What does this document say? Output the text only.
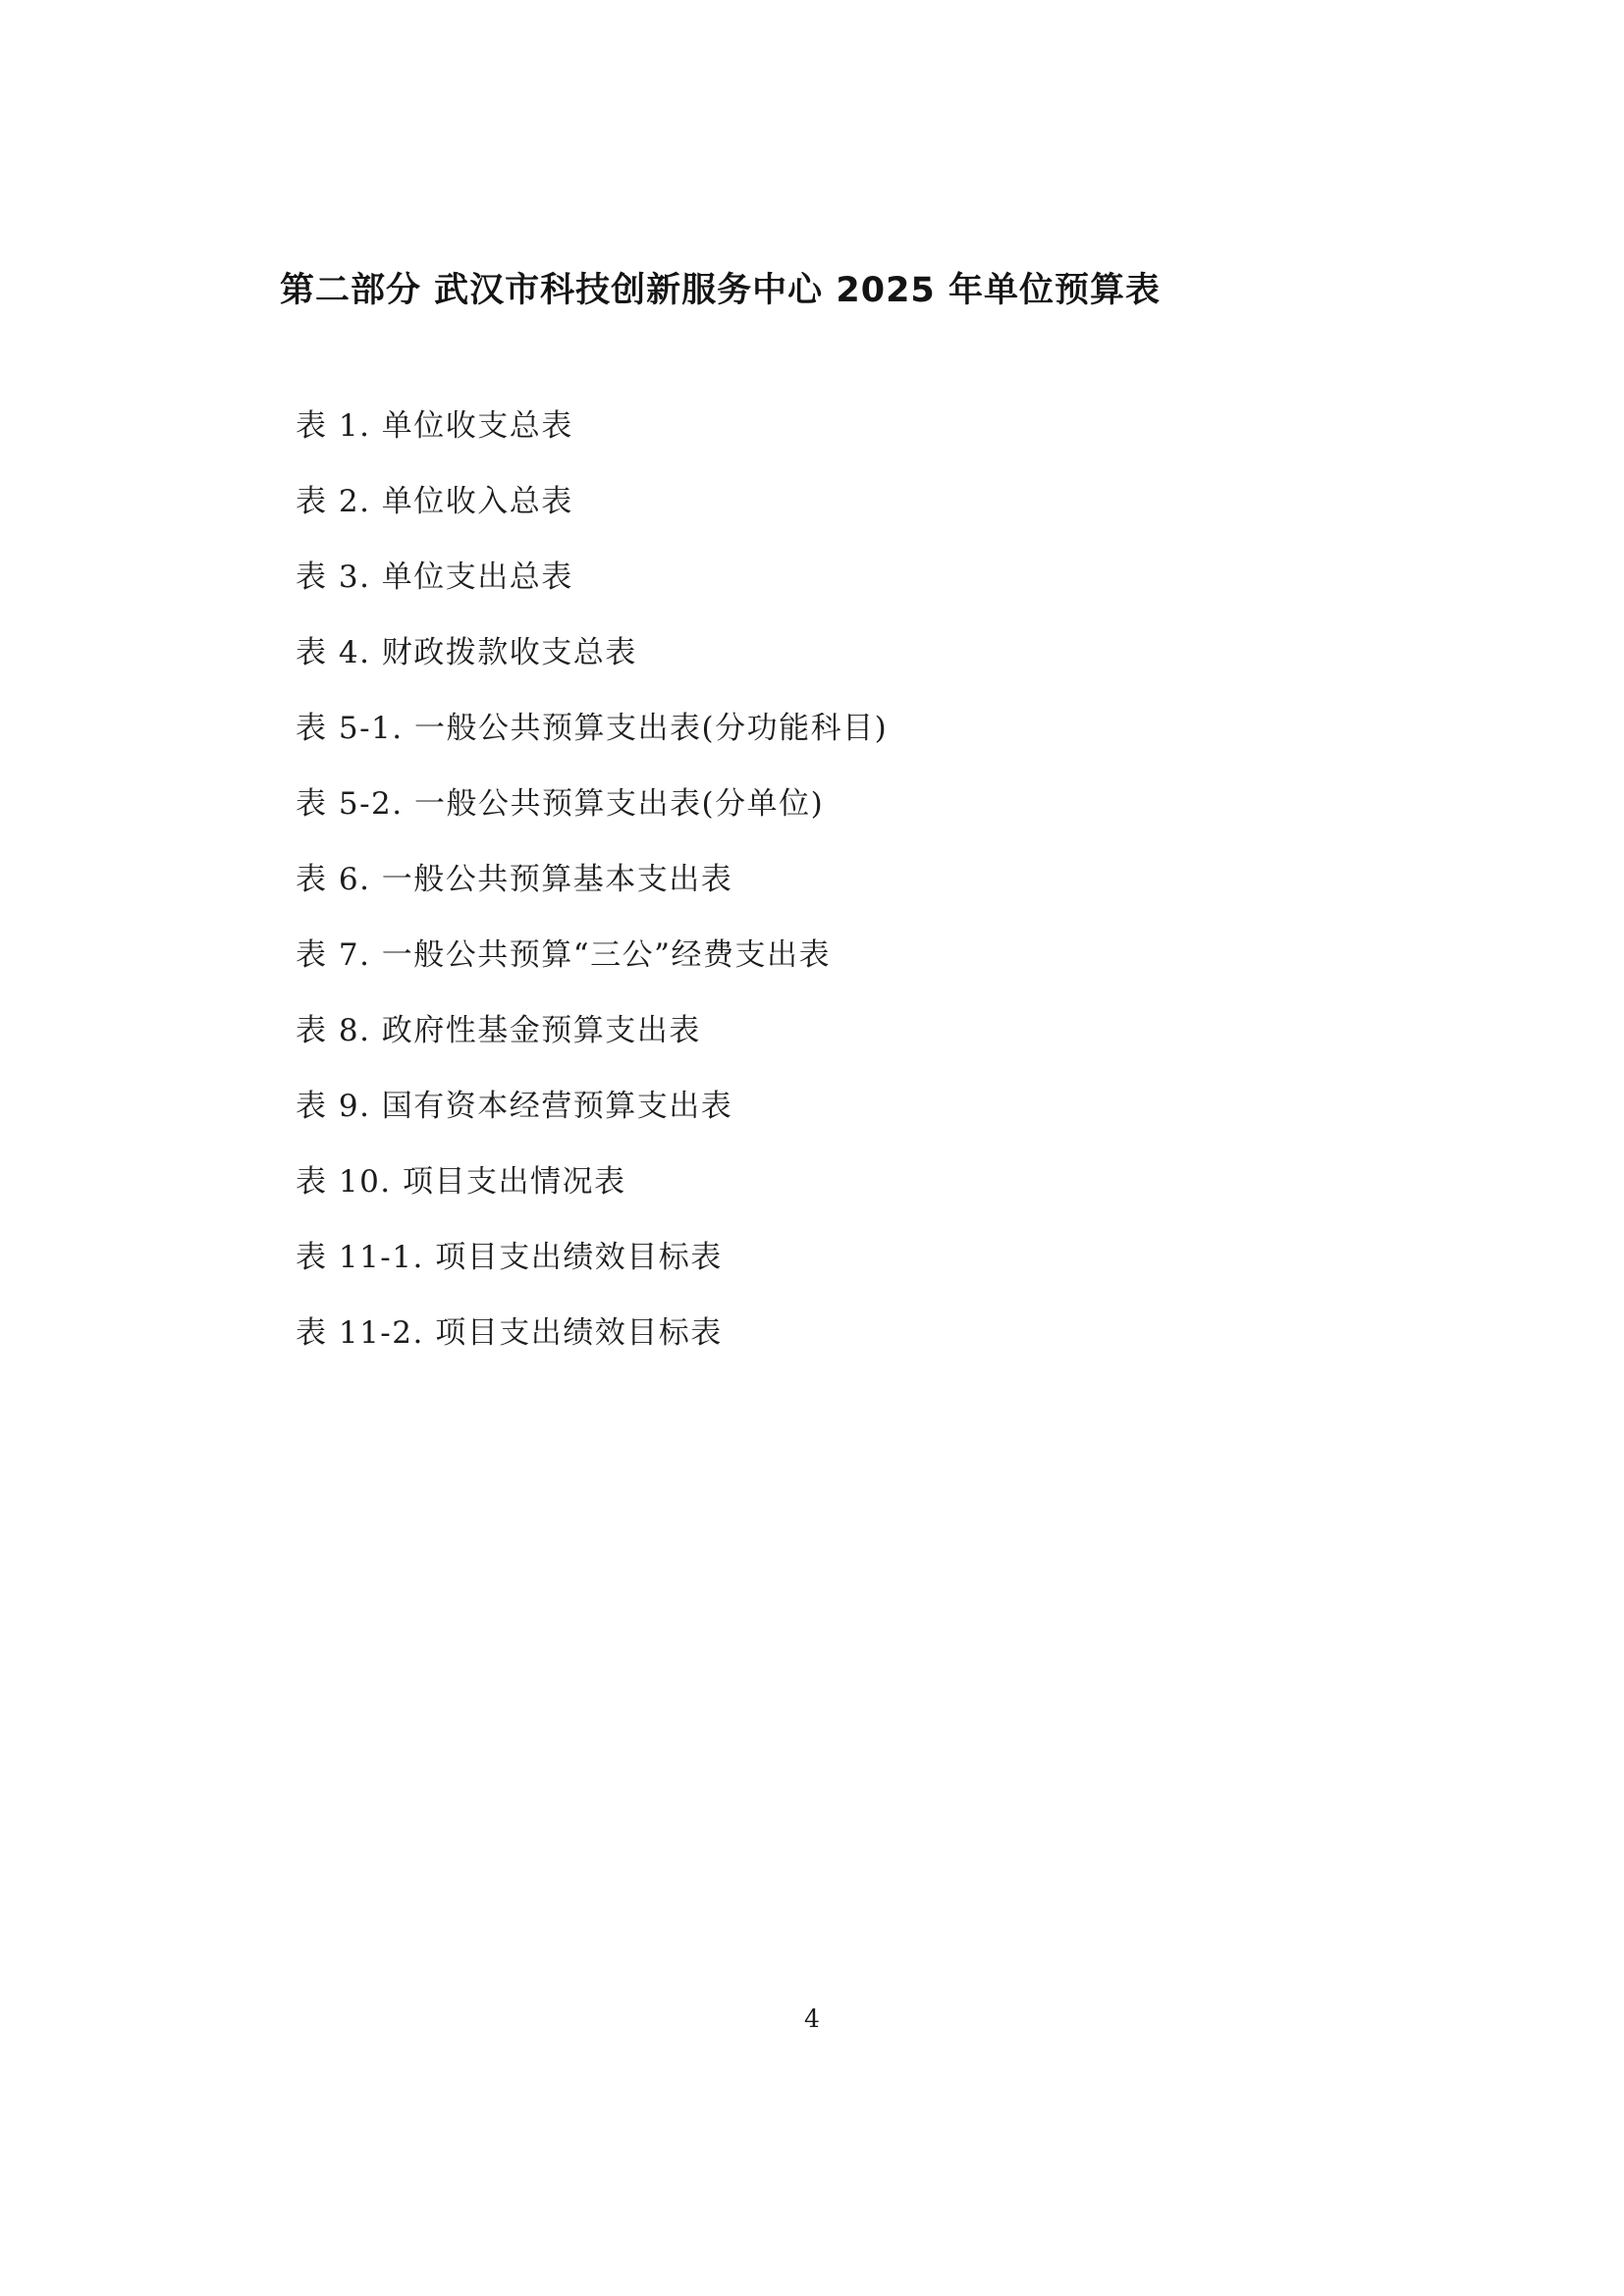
第二部分 武汉市科技创新服务中心 2025 年单位预算表
表 1. 单位收支总表
表 2. 单位收入总表
表 3. 单位支出总表
表 4. 财政拨款收支总表
表 5-1. 一般公共预算支出表(分功能科目)
表 5-2. 一般公共预算支出表(分单位)
表 6. 一般公共预算基本支出表
表 7. 一般公共预算“三公”经费支出表
表 8. 政府性基金预算支出表
表 9. 国有资本经营预算支出表
表 10. 项目支出情况表
表 11-1. 项目支出绩效目标表
表 11-2. 项目支出绩效目标表
4
